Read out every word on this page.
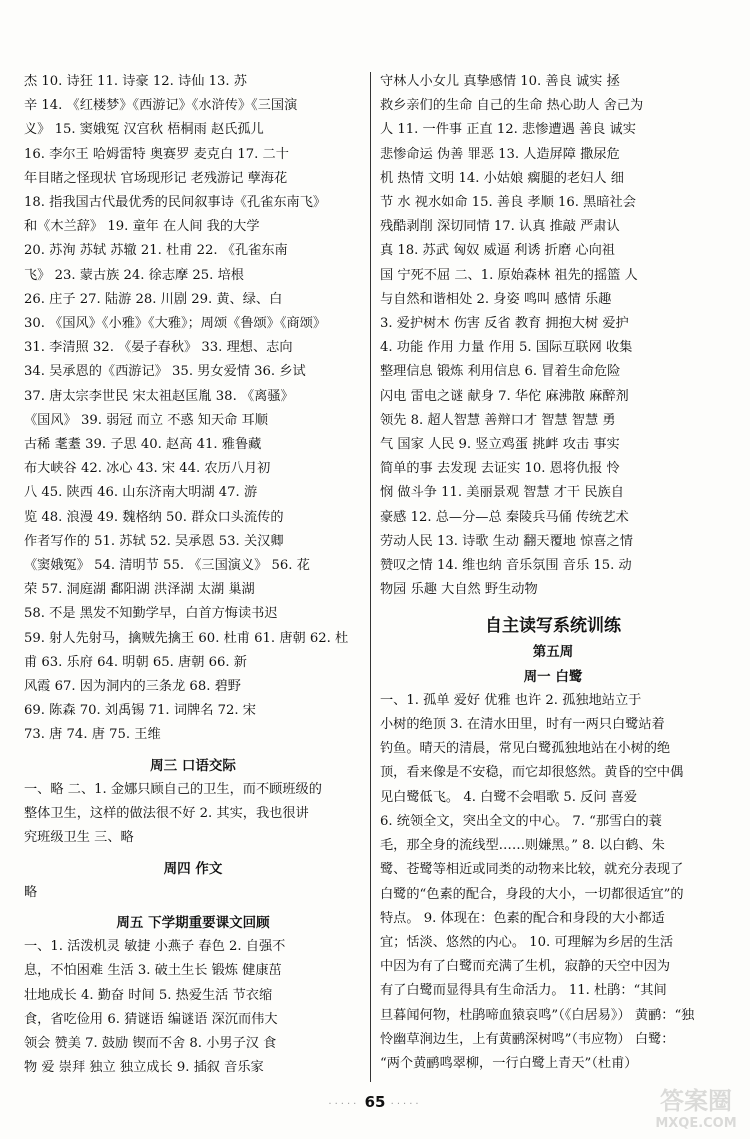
杰 10. 诗狂 11. 诗豪 12. 诗仙 13. 苏
辛 14. 《红楼梦》《西游记》《水浒传》《三国演
义》 15. 窦娥冤 汉宫秋 梧桐雨 赵氏孤儿
16. 李尔王 哈姆雷特 奥赛罗 麦克白 17. 二十
年目睹之怪现状 官场现形记 老残游记 孽海花
18. 指我国古代最优秀的民间叙事诗《孔雀东南飞》
和《木兰辞》 19. 童年 在人间 我的大学
20. 苏洵 苏轼 苏辙 21. 杜甫 22. 《孔雀东南
飞》 23. 蒙古族 24. 徐志摩 25. 培根
26. 庄子 27. 陆游 28. 川剧 29. 黄、绿、白
30. 《国风》《小雅》《大雅》；周颂《鲁颂》《商颂》
31. 李清照 32. 《晏子春秋》 33. 理想、志向
34. 吴承恩的《西游记》 35. 男女爱情 36. 乡试
37. 唐太宗李世民 宋太祖赵匡胤 38. 《离骚》
《国风》 39. 弱冠 而立 不惑 知天命 耳顺
古稀 耄耋 39. 子思 40. 赵高 41. 雅鲁藏
布大峡谷 42. 冰心 43. 宋 44. 农历八月初
八 45. 陕西 46. 山东济南大明湖 47. 游
览 48. 浪漫 49. 魏格纳 50. 群众口头流传的
作者写作的 51. 苏轼 52. 吴承恩 53. 关汉卿
《窦娥冤》 54. 清明节 55. 《三国演义》 56. 花
荣 57. 洞庭湖 鄱阳湖 洪泽湖 太湖 巢湖
58. 不是 黑发不知勤学早，白首方悔读书迟
59. 射人先射马，擒贼先擒王 60. 杜甫 61. 唐朝 62. 杜
甫 63. 乐府 64. 明朝 65. 唐朝 66. 新
风霞 67. 因为洞内的三条龙 68. 碧野
69. 陈森 70. 刘禹锡 71. 词牌名 72. 宋
73. 唐 74. 唐 75. 王维
周三 口语交际
一、略 二、1. 金娜只顾自己的卫生，而不顾班级的
整体卫生，这样的做法很不好 2. 其实，我也很讲
究班级卫生 三、略
周四 作文
略
周五 下学期重要课文回顾
一、1. 活泼机灵 敏捷 小燕子 春色 2. 自强不
息，不怕困难 生活 3. 破土生长 锻炼 健康茁
壮地成长 4. 勤奋 时间 5. 热爱生活 节衣缩
食，省吃俭用 6. 猜谜语 编谜语 深沉而伟大
领会 赞美 7. 鼓励 锲而不舍 8. 小男子汉 食
物 爱 崇拜 独立 独立成长 9. 插叙 音乐家
守林人小女儿 真挚感情 10. 善良 诚实 拯
救乡亲们的生命 自己的生命 热心助人 舍己为
人 11. 一件事 正直 12. 悲惨遭遇 善良 诚实
悲惨命运 伪善 罪恶 13. 人造屏障 撒尿危
机 热情 文明 14. 小姑娘 瘸腿的老妇人 细
节 水 视水如命 15. 善良 孝顺 16. 黑暗社会
残酷剥削 深切同情 17. 认真 推敲 严肃认
真 18. 苏武 匈奴 威逼 利诱 折磨 心向祖
国 宁死不屈 二、1. 原始森林 祖先的摇篮 人
与自然和谐相处 2. 身姿 鸣叫 感情 乐趣
3. 爱护树木 伤害 反省 教育 拥抱大树 爱护
4. 功能 作用 力量 作用 5. 国际互联网 收集
整理信息 锻炼 利用信息 6. 冒着生命危险
闪电 雷电之谜 献身 7. 华佗 麻沸散 麻醉剂
领先 8. 超人智慧 善辩口才 智慧 智慧 勇
气 国家 人民 9. 竖立鸡蛋 挑衅 攻击 事实
简单的事 去发现 去证实 10. 恩将仇报 怜
悯 做斗争 11. 美丽景观 智慧 才干 民族自
豪感 12. 总—分—总 秦陵兵马俑 传统艺术
劳动人民 13. 诗歌 生动 翻天覆地 惊喜之情
赞叹之情 14. 维也纳 音乐氛围 音乐 15. 动
物园 乐趣 大自然 野生动物
自主读写系统训练
第五周
周一 白鹭
一、1. 孤单 爱好 优雅 也许 2. 孤独地站立于
小树的绝顶 3. 在清水田里，时有一两只白鹭站着
钓鱼。晴天的清晨，常见白鹭孤独地站在小树的绝
顶，看来像是不安稳，而它却很悠然。黄昏的空中偶
见白鹭低飞。 4. 白鹭不会唱歌 5. 反问 喜爱
6. 统领全文，突出全文的中心。 7. “那雪白的蓑
毛，那全身的流线型……则嫌黑。” 8. 以白鹤、朱
鹭、苍鹭等相近或同类的动物来比较，就充分表现了
白鹭的“色素的配合，身段的大小，一切都很适宜”的
特点。 9. 体现在：色素的配合和身段的大小都适
宜；恬淡、悠然的内心。 10. 可理解为乡居的生活
中因为有了白鹭而充满了生机，寂静的天空中因为
有了白鹭而显得具有生命活力。 11. 杜鹃：“其间
旦暮闻何物，杜鹃啼血猿哀鸣”（《白居易》） 黄鹂：“独
怜幽草涧边生，上有黄鹂深树鸣”（韦应物） 白鹭：
“两个黄鹂鸣翠柳，一行白鹭上青天”（杜甫）
····· 65 ·····	答案圈
MXQE.COM
